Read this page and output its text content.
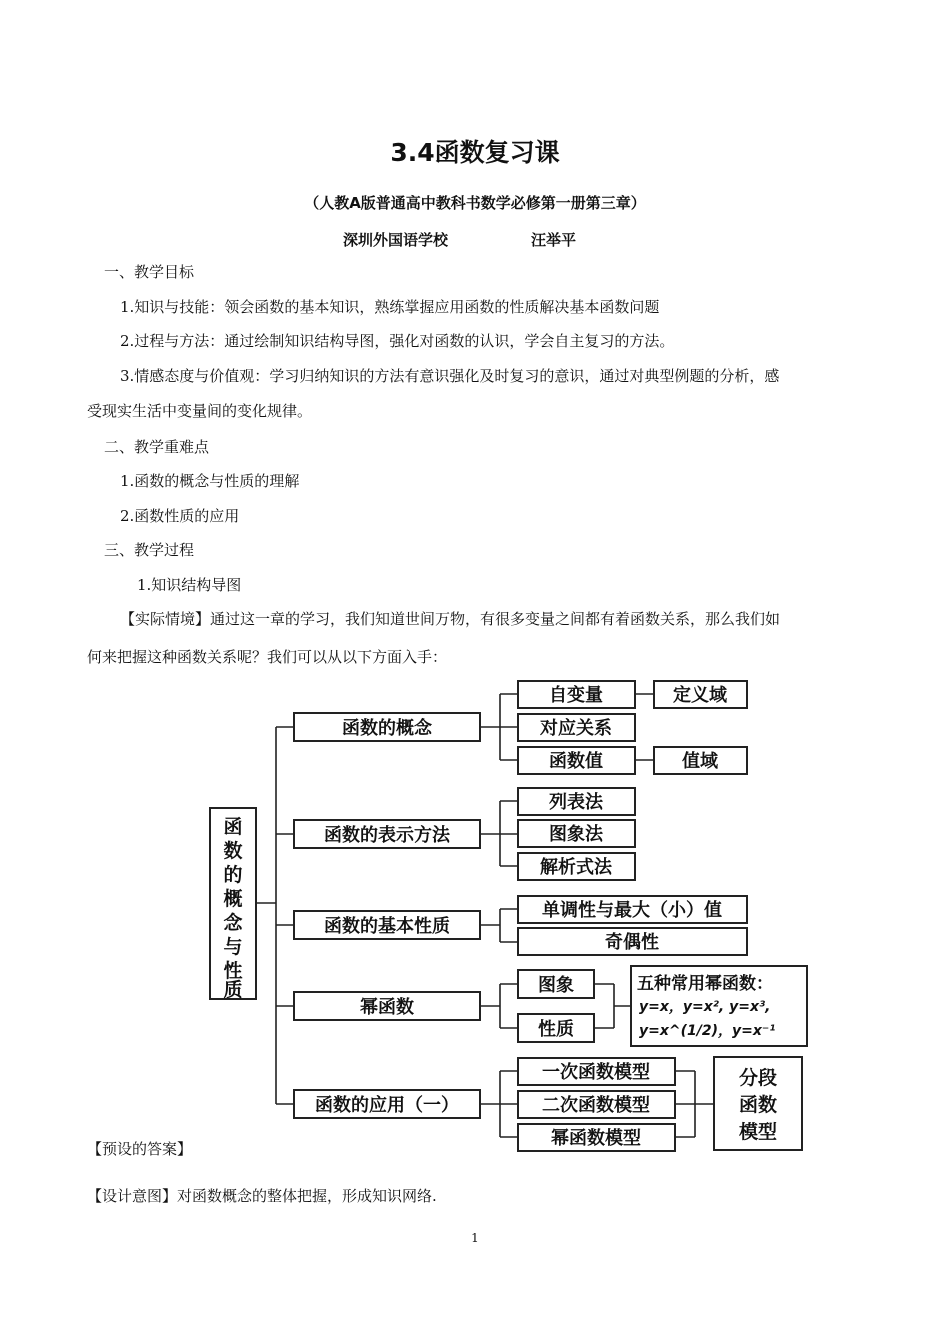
3.4函数复习课
（人教A版普通高中教科书数学必修第一册第三章）
深圳外国语学校	汪举平
一、教学目标
1.知识与技能：领会函数的基本知识，熟练掌握应用函数的性质解决基本函数问题
2.过程与方法：通过绘制知识结构导图，强化对函数的认识，学会自主复习的方法。
3.情感态度与价值观：学习归纳知识的方法有意识强化及时复习的意识，通过对典型例题的分析，感
受现实生活中变量间的变化规律。
二、教学重难点
1.函数的概念与性质的理解
2.函数性质的应用
三、教学过程
1.知识结构导图
【实际情境】通过这一章的学习，我们知道世间万物，有很多变量之间都有着函数关系，那么我们如
何来把握这种函数关系呢？我们可以从以下方面入手：
函
数
的
概
念
与
性
质
函数的概念
自变量
对应关系
函数值
定义域
值域
函数的表示方法
列表法
图象法
解析式法
函数的基本性质
单调性与最大（小）值
奇偶性
幂函数
图象
性质
五种常用幂函数：
y=x，y=x², y=x³,
y=x^(1/2)，y=x⁻¹
函数的应用（一）
一次函数模型
二次函数模型
幂函数模型
分段
函数
模型
【预设的答案】
【设计意图】对函数概念的整体把握，形成知识网络.
1
